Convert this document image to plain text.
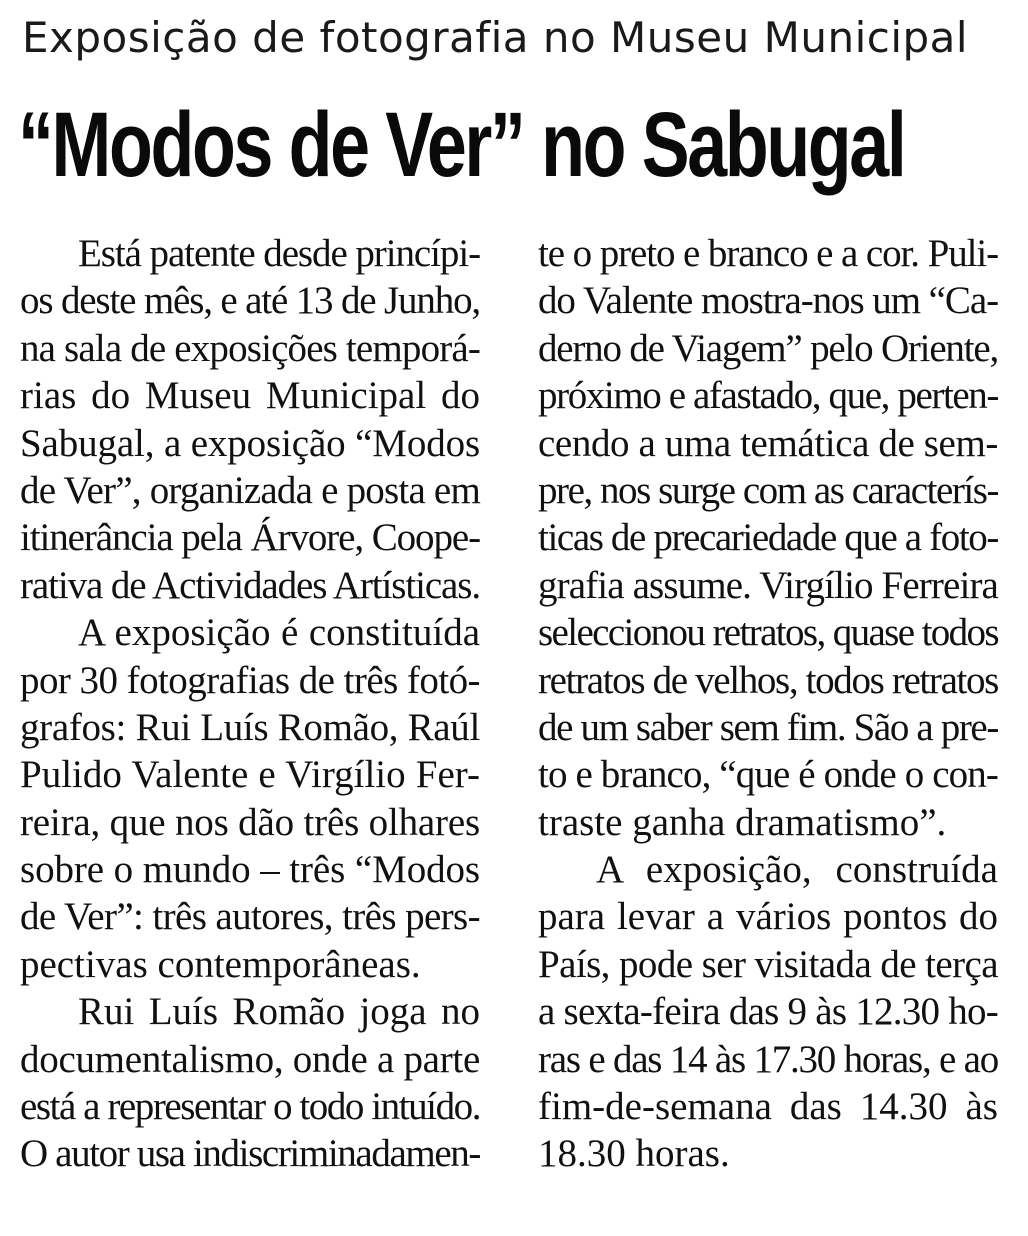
Exposição de fotografia no Museu Municipal
“Modos de Ver” no Sabugal
Está patente desde princípi-
os deste mês, e até 13 de Junho,
na sala de exposições temporá-
rias do Museu Municipal do
Sabugal, a exposição “Modos
de Ver”, organizada e posta em
itinerância pela Árvore, Coope-
rativa de Actividades Artísticas.
A exposição é constituída
por 30 fotografias de três fotó-
grafos: Rui Luís Romão, Raúl
Pulido Valente e Virgílio Fer-
reira, que nos dão três olhares
sobre o mundo – três “Modos
de Ver”: três autores, três pers-
pectivas contemporâneas.
Rui Luís Romão joga no
documentalismo, onde a parte
está a representar o todo intuído.
O autor usa indiscriminadamen-
te o preto e branco e a cor. Puli-
do Valente mostra-nos um “Ca-
derno de Viagem” pelo Oriente,
próximo e afastado, que, perten-
cendo a uma temática de sem-
pre, nos surge com as caracterís-
ticas de precariedade que a foto-
grafia assume. Virgílio Ferreira
seleccionou retratos, quase todos
retratos de velhos, todos retratos
de um saber sem fim. São a pre-
to e branco, “que é onde o con-
traste ganha dramatismo”.
A exposição, construída
para levar a vários pontos do
País, pode ser visitada de terça
a sexta-feira das 9 às 12.30 ho-
ras e das 14 às 17.30 horas, e ao
fim-de-semana das 14.30 às
18.30 horas.
